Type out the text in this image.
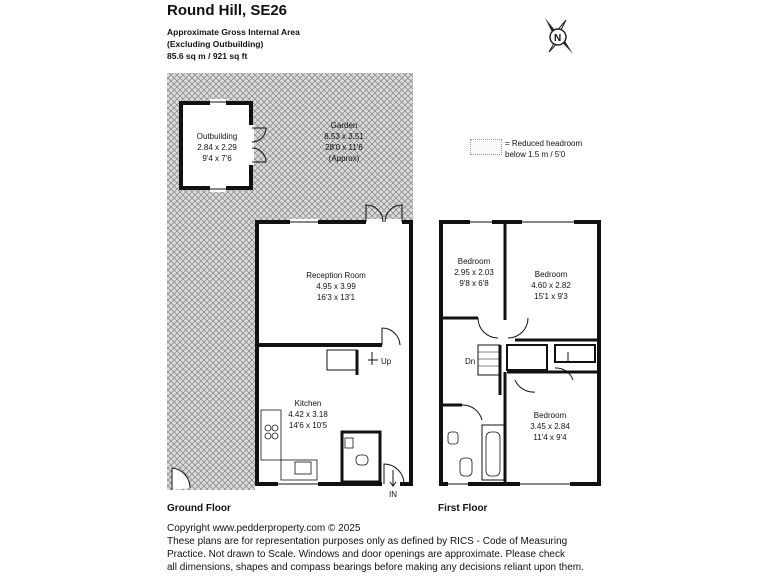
Round Hill, SE26
Approximate Gross Internal Area
(Excluding Outbuilding)
85.6 sq m / 921 sq ft
= Reduced headroom
below 1.5 m / 5'0
Ground Floor	First Floor
Copyright www.pedderproperty.com © 2025
These plans are for representation purposes only as defined by RICS - Code of Measuring
Practice. Not drawn to Scale. Windows and door openings are approximate. Please check
all dimensions, shapes and compass bearings before making any decisions reliant upon them.
N
Outbuilding
2.84 x 2.29
9'4 x 7'6
Garden
8.53 x 3.51
28'0 x 11'6
(Approx)
Reception Room
4.95 x 3.99
16'3 x 13'1
Kitchen
4.42 x 3.18
14'6 x 10'5
Bedroom
2.95 x 2.03
9'8 x 6'8
Bedroom
4.60 x 2.82
15'1 x 9'3
Bedroom
3.45 x 2.84
11'4 x 9'4
Up	Dn
IN
